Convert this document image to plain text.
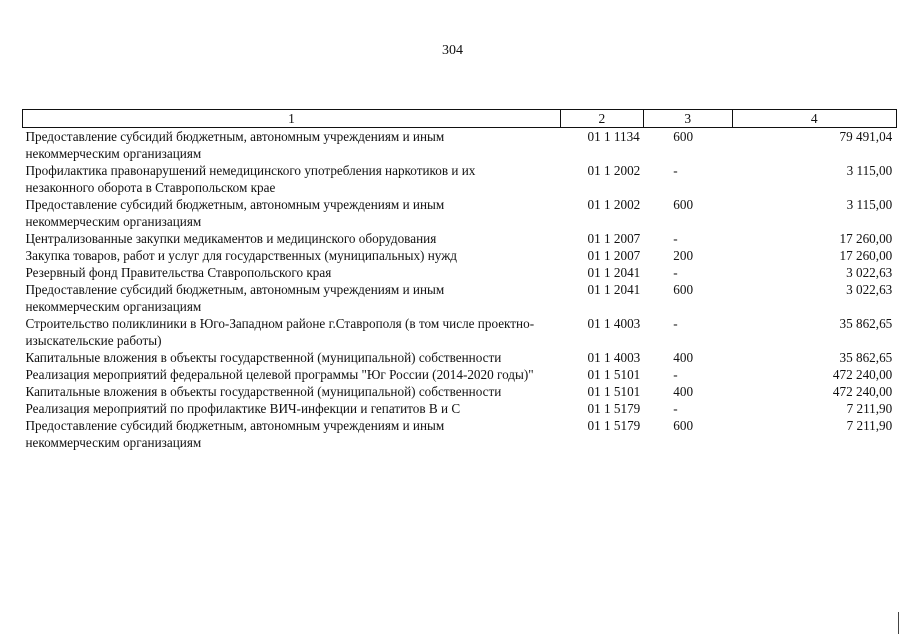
304
1	2	3	4
Предоставление субсидий бюджетным, автономным учреждениям и иным некоммерческим организациям	01 1 1134	600	79 491,04
Профилактика правонарушений немедицинского употребления наркотиков и их незаконного оборота в Ставропольском крае	01 1 2002	-	3 115,00
Предоставление субсидий бюджетным, автономным учреждениям и иным некоммерческим организациям	01 1 2002	600	3 115,00
Централизованные закупки медикаментов и медицинского оборудования	01 1 2007	-	17 260,00
Закупка товаров, работ и услуг для государственных (муниципальных) нужд	01 1 2007	200	17 260,00
Резервный фонд Правительства Ставропольского края	01 1 2041	-	3 022,63
Предоставление субсидий бюджетным, автономным учреждениям и иным некоммерческим организациям	01 1 2041	600	3 022,63
Строительство поликлиники в Юго-Западном районе г.Ставрополя (в том числе проектно-изыскательские работы)	01 1 4003	-	35 862,65
Капитальные вложения в объекты государственной (муниципальной) собственности	01 1 4003	400	35 862,65
Реализация мероприятий федеральной целевой программы "Юг России (2014-2020 годы)"	01 1 5101	-	472 240,00
Капитальные вложения в объекты государственной (муниципальной) собственности	01 1 5101	400	472 240,00
Реализация мероприятий по профилактике ВИЧ-инфекции и гепатитов В и С	01 1 5179	-	7 211,90
Предоставление субсидий бюджетным, автономным учреждениям и иным некоммерческим организациям	01 1 5179	600	7 211,90
